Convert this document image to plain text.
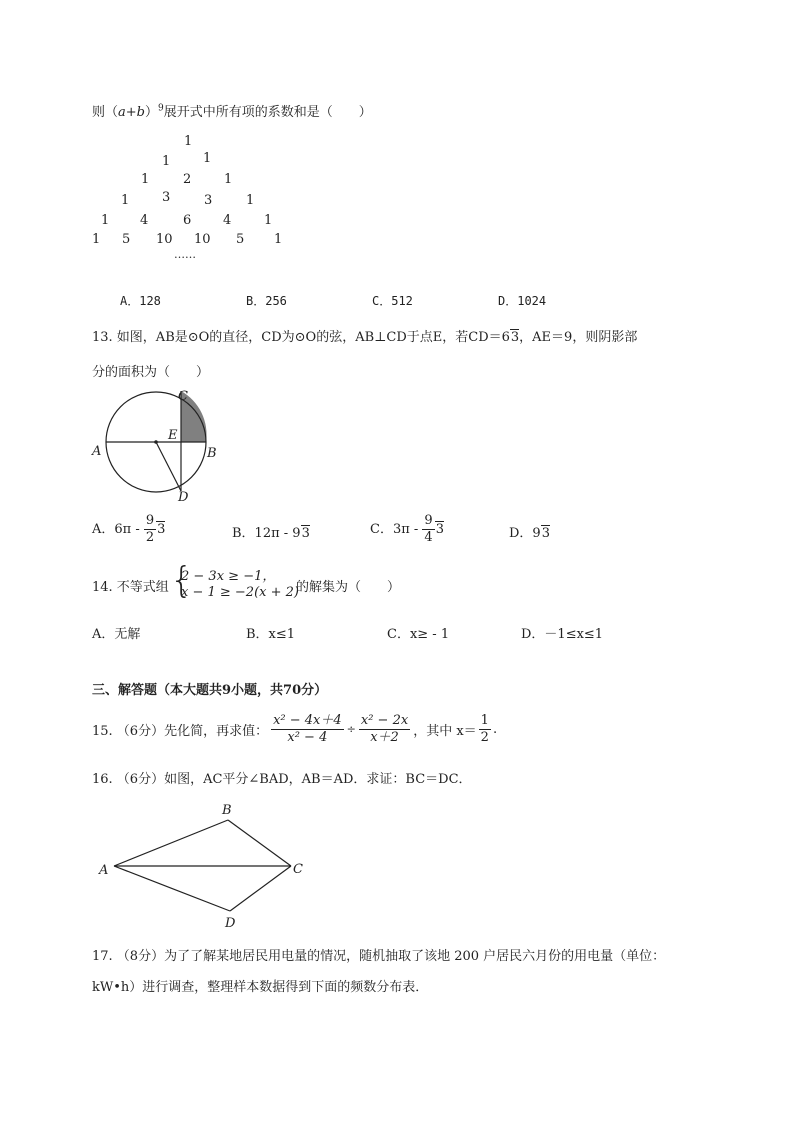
则$(a+b)^9$展开式中所有项的系数和是（　　）
1
1	1
1	2	1
1	3	3	1
1 4	6 4	1
1 5 10 10 5 1
……
A．128	B．256	C．512	D．1024
13. 如图，AB是⊙O的直径，CD为⊙O的弦，AB⊥CD于点E，若CD＝63，AE＝9，则阴影部
分的面积为（　　）
C
A	B
D
E
A．$6\pi - \frac{9}{2} 3$	B．12π - 93	C．$3\pi - \frac{9}{4} 3$	D．93
14. 不等式组 {
2 − 3x ≥ −1，
x − 1 ≥ −2(x + 2)
的解集为（　　）
A．无解	B．x≤1	C．x≥ - 1	D．－1≤x≤1
三、解答题（本大题共9小题，共70分）
15. （6分）先化简，再求值： $\frac{\text{x² − 4x＋4}}{\text{x² − 4}} \div \frac{\text{x² − 2x}}{x+2}$ ，其中 $x= \frac{1}{2}$ .
16. （6分）如图，AC平分∠BAD，AB＝AD．求证：BC＝DC．
B
A	C
D
17. （8分）为了了解某地居民用电量的情况，随机抽取了该地 200 户居民六月份的用电量（单位：
kW•h）进行调查，整理样本数据得到下面的频数分布表．
